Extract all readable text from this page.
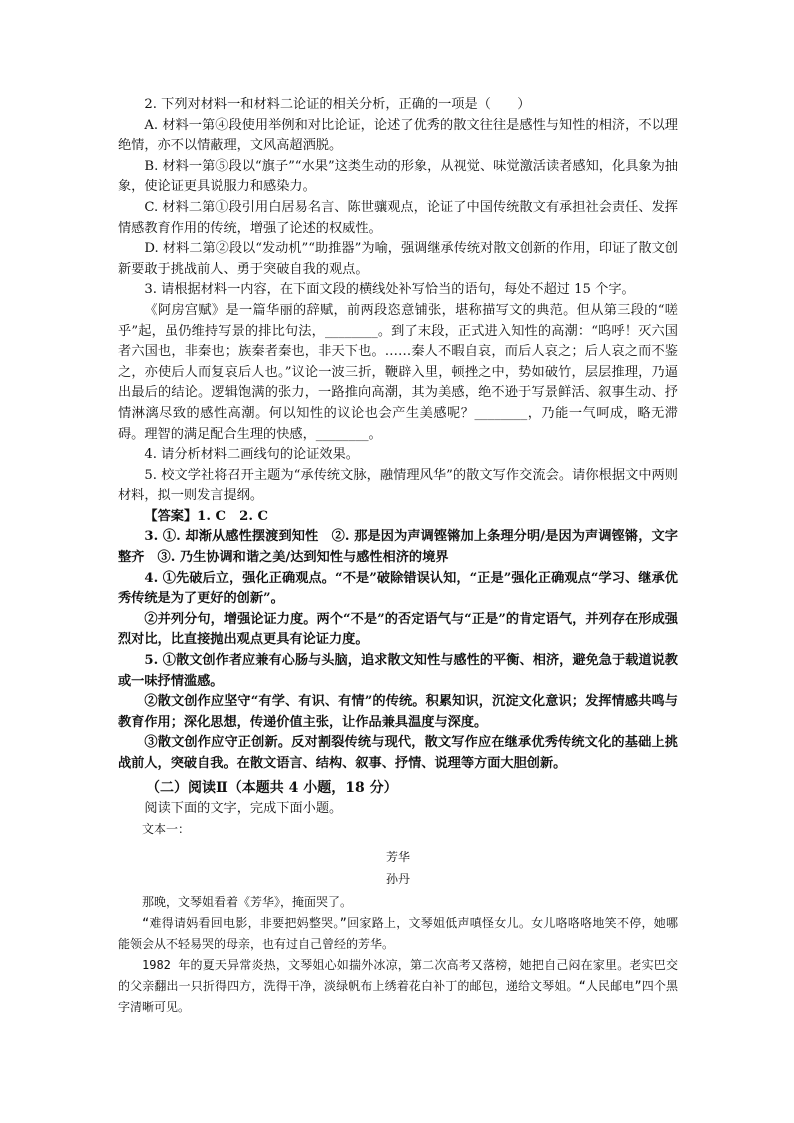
2. 下列对材料一和材料二论证的相关分析，正确的一项是（　　）

A. 材料一第④段使用举例和对比论证，论述了优秀的散文往往是感性与知性的相济，不以理绝情，亦不以情蔽理，文风高超洒脱。

B. 材料一第⑤段以“旗子”“水果”这类生动的形象，从视觉、味觉激活读者感知，化具象为抽象，使论证更具说服力和感染力。

C. 材料二第①段引用白居易名言、陈世骧观点，论证了中国传统散文有承担社会责任、发挥情感教育作用的传统，增强了论述的权威性。

D. 材料二第②段以“发动机”“助推器”为喻，强调继承传统对散文创新的作用，印证了散文创新要敢于挑战前人、勇于突破自我的观点。

3. 请根据材料一内容，在下面文段的横线处补写恰当的语句，每处不超过 15 个字。

《阿房宫赋》是一篇华丽的辞赋，前两段恣意铺张，堪称描写文的典范。但从第三段的“嗟乎”起，虽仍维持写景的排比句法，________。到了末段，正式进入知性的高潮：“呜呼！灭六国者六国也，非秦也；族秦者秦也，非天下也。……秦人不暇自哀，而后人哀之；后人哀之而不鉴之，亦使后人而复哀后人也。”议论一波三折，鞭辟入里，顿挫之中，势如破竹，层层推理，乃逼出最后的结论。逻辑饱满的张力，一路推向高潮，其为美感，绝不逊于写景鲜活、叙事生动、抒情淋漓尽致的感性高潮。何以知性的议论也会产生美感呢？________，乃能一气呵成，略无滞碍。理智的满足配合生理的快感，________。

4. 请分析材料二画线句的论证效果。

5. 校文学社将召开主题为“承传统文脉，融情理风华”的散文写作交流会。请你根据文中两则材料，拟一则发言提纲。

【答案】1. C　2. C

3. ①. 却渐从感性摆渡到知性　②. 那是因为声调铿锵加上条理分明/是因为声调铿锵，文字整齐　③. 乃生协调和谐之美/达到知性与感性相济的境界

4. ①先破后立，强化正确观点。“不是”破除错误认知，“正是”强化正确观点“学习、继承优秀传统是为了更好的创新”。

②并列分句，增强论证力度。两个“不是”的否定语气与“正是”的肯定语气，并列存在形成强烈对比，比直接抛出观点更具有论证力度。

5. ①散文创作者应兼有心肠与头脑，追求散文知性与感性的平衡、相济，避免急于载道说教或一味抒情滥感。

②散文创作应坚守“有学、有识、有情”的传统。积累知识，沉淀文化意识；发挥情感共鸣与教育作用；深化思想，传递价值主张，让作品兼具温度与深度。

③散文创作应守正创新。反对割裂传统与现代，散文写作应在继承优秀传统文化的基础上挑战前人，突破自我。在散文语言、结构、叙事、抒情、说理等方面大胆创新。

（二）阅读Ⅱ（本题共 4 小题，18 分）

阅读下面的文字，完成下面小题。

文本一：

芳华

孙丹

那晚，文琴姐看着《芳华》，掩面哭了。

“难得请妈看回电影，非要把妈整哭。”回家路上，文琴姐低声嗔怪女儿。女儿咯咯咯地笑不停，她哪能领会从不轻易哭的母亲，也有过自己曾经的芳华。

1982 年的夏天异常炎热，文琴姐心如揣外冰凉，第二次高考又落榜，她把自己闷在家里。老实巴交的父亲翻出一只折得四方，洗得干净，淡绿帆布上绣着花白补丁的邮包，递给文琴姐。“人民邮电”四个黑字清晰可见。
